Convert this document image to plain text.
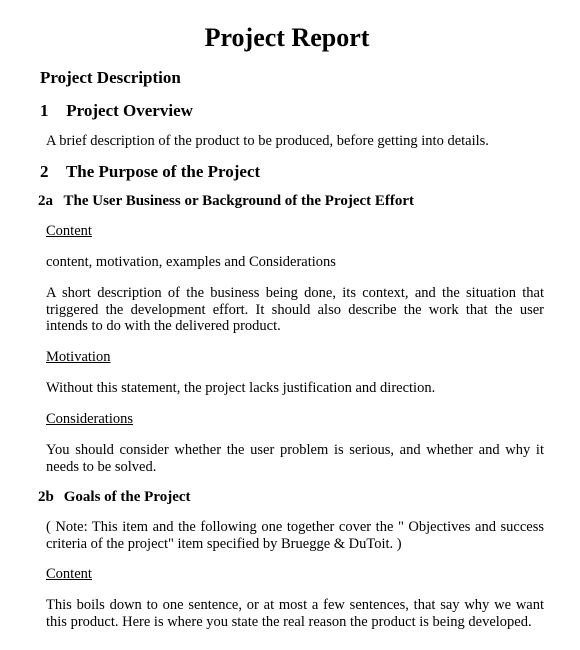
Project Report
Project Description
1 Project Overview
A brief description of the product to be produced, before getting into details.
2 The Purpose of the Project
2a The User Business or Background of the Project Effort
Content
content, motivation, examples and Considerations
A short description of the business being done, its context, and the situation that triggered the development effort. It should also describe the work that the user intends to do with the delivered product.
Motivation
Without this statement, the project lacks justification and direction.
Considerations
You should consider whether the user problem is serious, and whether and why it needs to be solved.
2b Goals of the Project
( Note: This item and the following one together cover the " Objectives and success criteria of the project" item specified by Bruegge & DuToit. )
Content
This boils down to one sentence, or at most a few sentences, that say why we want this product. Here is where you state the real reason the product is being developed.
